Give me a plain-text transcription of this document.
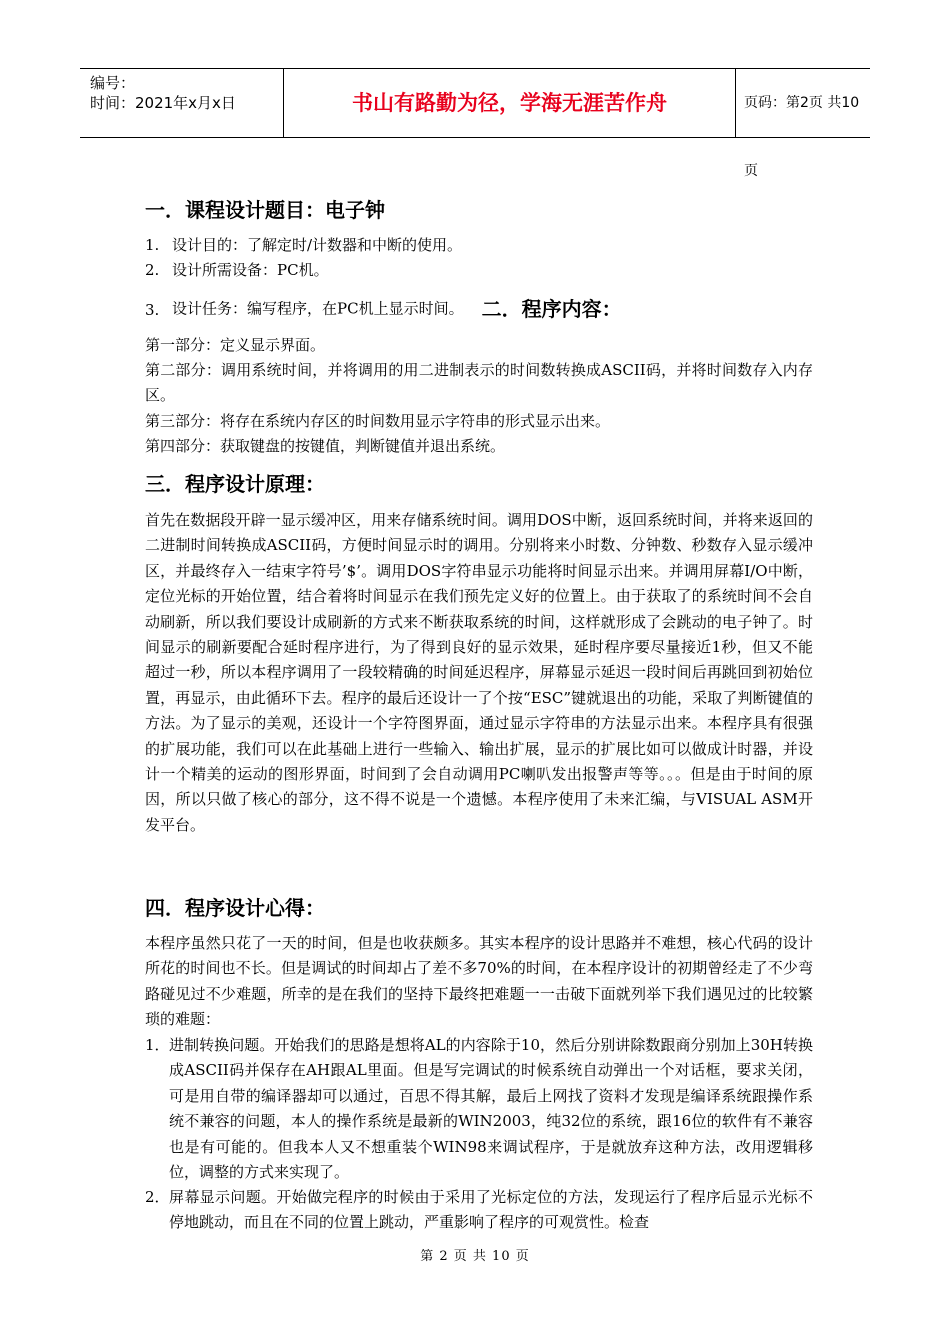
编号：
时间：2021年x月x日	书山有路勤为径，学海无涯苦作舟	页码：第2页 共10页
一．课程设计题目：电子钟
1. 设计目的：了解定时/计数器和中断的使用。
2. 设计所需设备：PC机。
3. 设计任务：编写程序，在PC机上显示时间。 二．程序内容：
第一部分：定义显示界面。
第二部分：调用系统时间，并将调用的用二进制表示的时间数转换成ASCII码，并将时间数存入内存区。
第三部分：将存在系统内存区的时间数用显示字符串的形式显示出来。
第四部分：获取键盘的按键值，判断键值并退出系统。
三．程序设计原理：
首先在数据段开辟一显示缓冲区，用来存储系统时间。调用DOS中断，返回系统时间，并将来返回的二进制时间转换成ASCII码，方便时间显示时的调用。分别将来小时数、分钟数、秒数存入显示缓冲区，并最终存入一结束字符号’$’。调用DOS字符串显示功能将时间显示出来。并调用屏幕I/O中断，定位光标的开始位置，结合着将时间显示在我们预先定义好的位置上。由于获取了的系统时间不会自动刷新，所以我们要设计成刷新的方式来不断获取系统的时间，这样就形成了会跳动的电子钟了。时间显示的刷新要配合延时程序进行，为了得到良好的显示效果，延时程序要尽量接近1秒，但又不能超过一秒，所以本程序调用了一段较精确的时间延迟程序，屏幕显示延迟一段时间后再跳回到初始位置，再显示，由此循环下去。程序的最后还设计一了个按“ESC”键就退出的功能，采取了判断键值的方法。为了显示的美观，还设计一个字符图界面，通过显示字符串的方法显示出来。本程序具有很强的扩展功能，我们可以在此基础上进行一些输入、输出扩展，显示的扩展比如可以做成计时器，并设计一个精美的运动的图形界面，时间到了会自动调用PC喇叭发出报警声等等。。。但是由于时间的原因，所以只做了核心的部分，这不得不说是一个遗憾。本程序使用了未来汇编，与VISUAL ASM开发平台。
四．程序设计心得：
本程序虽然只花了一天的时间，但是也收获颇多。其实本程序的设计思路并不难想，核心代码的设计所花的时间也不长。但是调试的时间却占了差不多70%的时间，在本程序设计的初期曾经走了不少弯路碰见过不少难题，所幸的是在我们的坚持下最终把难题一一击破下面就列举下我们遇见过的比较繁琐的难题：
1． 进制转换问题。开始我们的思路是想将AL的内容除于10，然后分别讲除数跟商分别加上30H转换成ASCII码并保存在AH跟AL里面。但是写完调试的时候系统自动弹出一个对话框，要求关闭，可是用自带的编译器却可以通过，百思不得其解，最后上网找了资料才发现是编译系统跟操作系统不兼容的问题，本人的操作系统是最新的WIN2003，纯32位的系统，跟16位的软件有不兼容也是有可能的。但我本人又不想重装个WIN98来调试程序，于是就放弃这种方法，改用逻辑移位，调整的方式来实现了。
2． 屏幕显示问题。开始做完程序的时候由于采用了光标定位的方法，发现运行了程序后显示光标不停地跳动，而且在不同的位置上跳动，严重影响了程序的可观赏性。检查
第 2 页 共 10 页
